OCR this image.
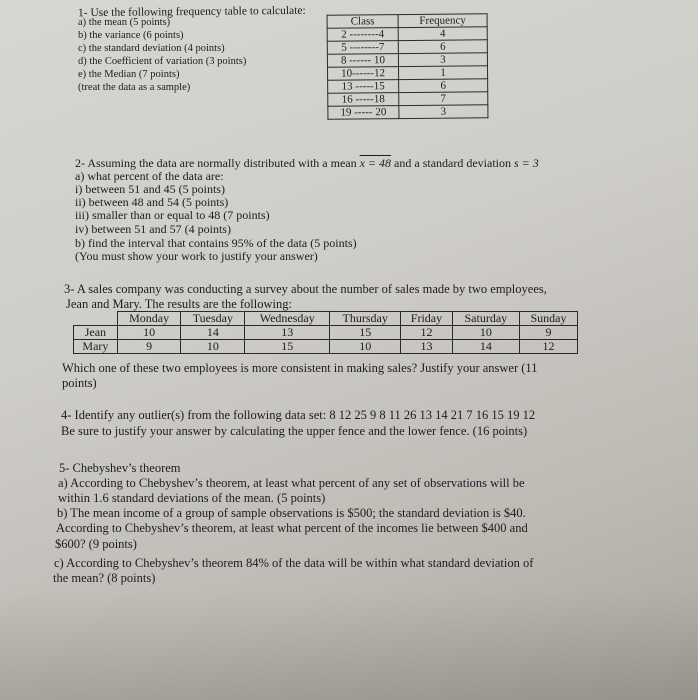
1- Use the following frequency table to calculate:
a) the mean (5 points)
b) the variance (6 points)
c) the standard deviation (4 points)
d) the Coefficient of variation (3 points)
e) the Median (7 points)
(treat the data as a sample)
Class	Frequency
2 --------4	4
5 --------7	6
8 ------ 10	3
10------12	1
13 -----15	6
16 -----18	7
19 ----- 20	3
2- Assuming the data are normally distributed with a mean x = 48 and a standard deviation s = 3
a) what percent of the data are:
i) between 51 and 45 (5 points)
ii) between 48 and 54 (5 points)
iii) smaller than or equal to 48 (7 points)
iv) between 51 and 57 (4 points)
b) find the interval that contains 95% of the data (5 points)
(You must show your work to justify your answer)
3- A sales company was conducting a survey about the number of sales made by two employees,
Jean and Mary. The results are the following:
	Monday	Tuesday	Wednesday	Thursday	Friday	Saturday	Sunday
Jean	10	14	13	15	12	10	9
Mary	9	10	15	10	13	14	12
Which one of these two employees is more consistent in making sales? Justify your answer (11
points)
4- Identify any outlier(s) from the following data set: 8 12 25 9 8 11 26 13 14 21 7 16 15 19 12
Be sure to justify your answer by calculating the upper fence and the lower fence. (16 points)
5- Chebyshev’s theorem
a) According to Chebyshev’s theorem, at least what percent of any set of observations will be
within 1.6 standard deviations of the mean. (5 points)
b) The mean income of a group of sample observations is $500; the standard deviation is $40.
According to Chebyshev’s theorem, at least what percent of the incomes lie between $400 and
$600? (9 points)
c) According to Chebyshev’s theorem 84% of the data will be within what standard deviation of
the mean? (8 points)
